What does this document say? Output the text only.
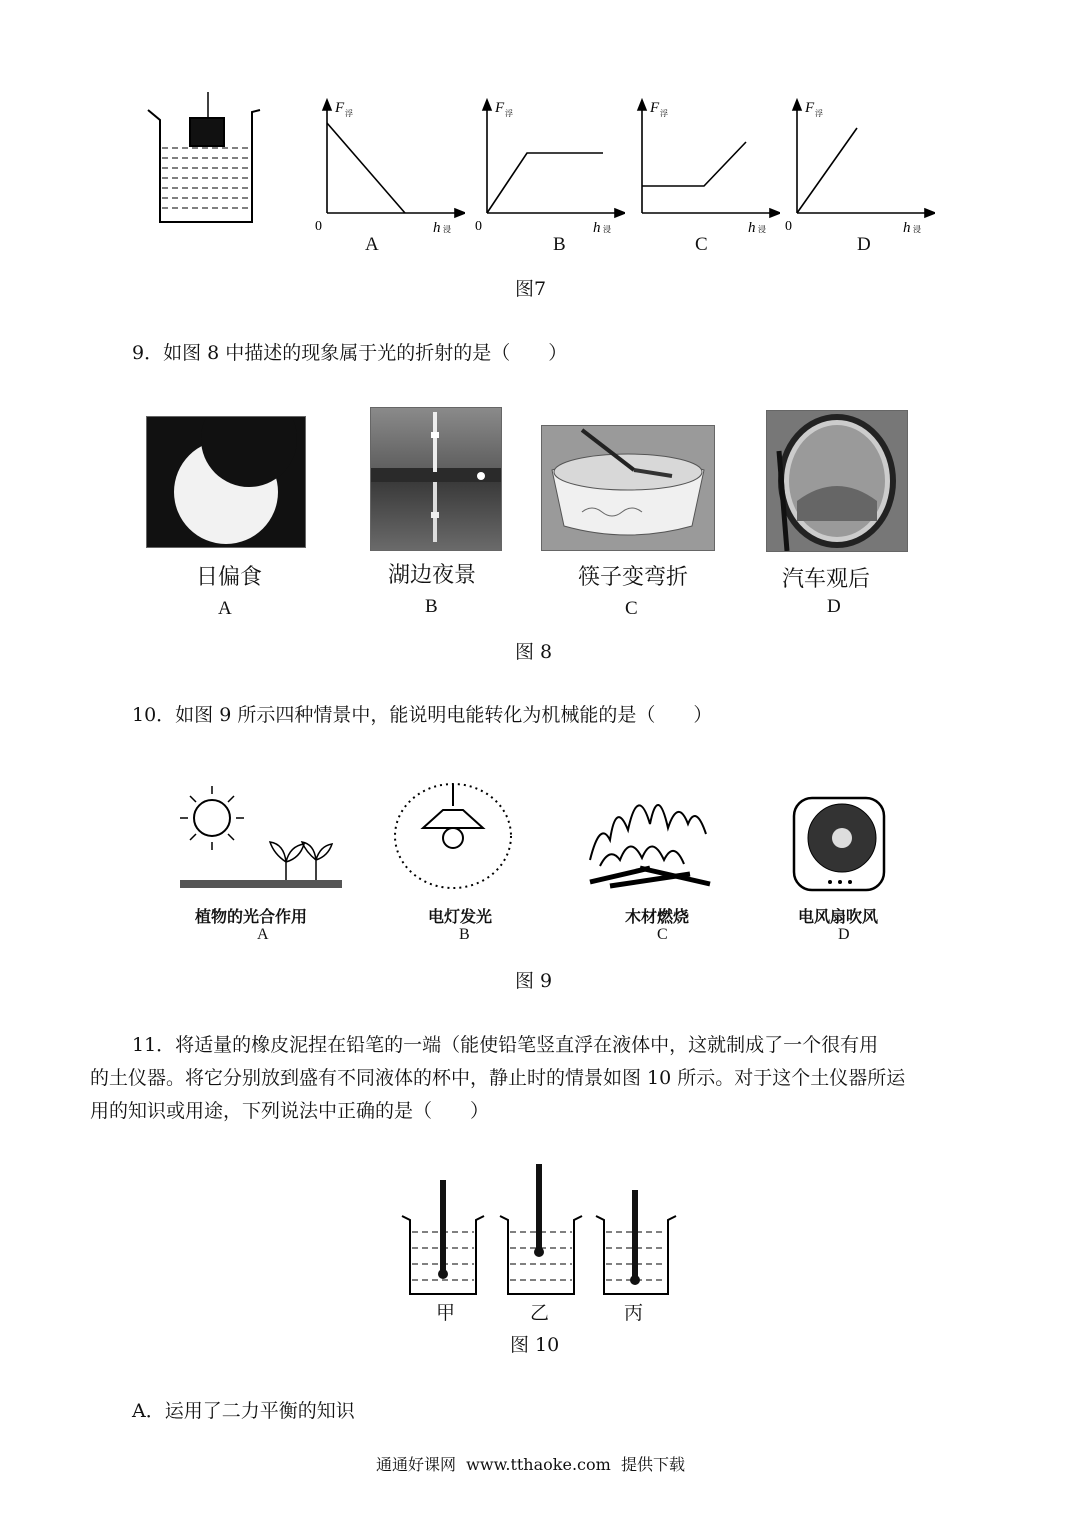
F 浮
0	h 浸
F 浮
0	h 浸
F 浮
h 浸
F 浮
0	h 浸
A	B	C	D
图7
9．如图 8 中描述的现象属于光的折射的是（　　）
日偏食	湖边夜景	筷子变弯折	汽车观后
A	B	C	D
图 8
10．如图 9 所示四种情景中，能说明电能转化为机械能的是（　　）
植物的光合作用	电灯发光	木材燃烧	电风扇吹风
A	B	C	D
图 9
11．将适量的橡皮泥捏在铅笔的一端（能使铅笔竖直浮在液体中，这就制成了一个很有用
的土仪器。将它分别放到盛有不同液体的杯中，静止时的情景如图 10 所示。对于这个土仪器所运
用的知识或用途，下列说法中正确的是（　　）
甲	乙	丙
图 10
A．运用了二力平衡的知识
通通好课网  www.tthaoke.com  提供下载
